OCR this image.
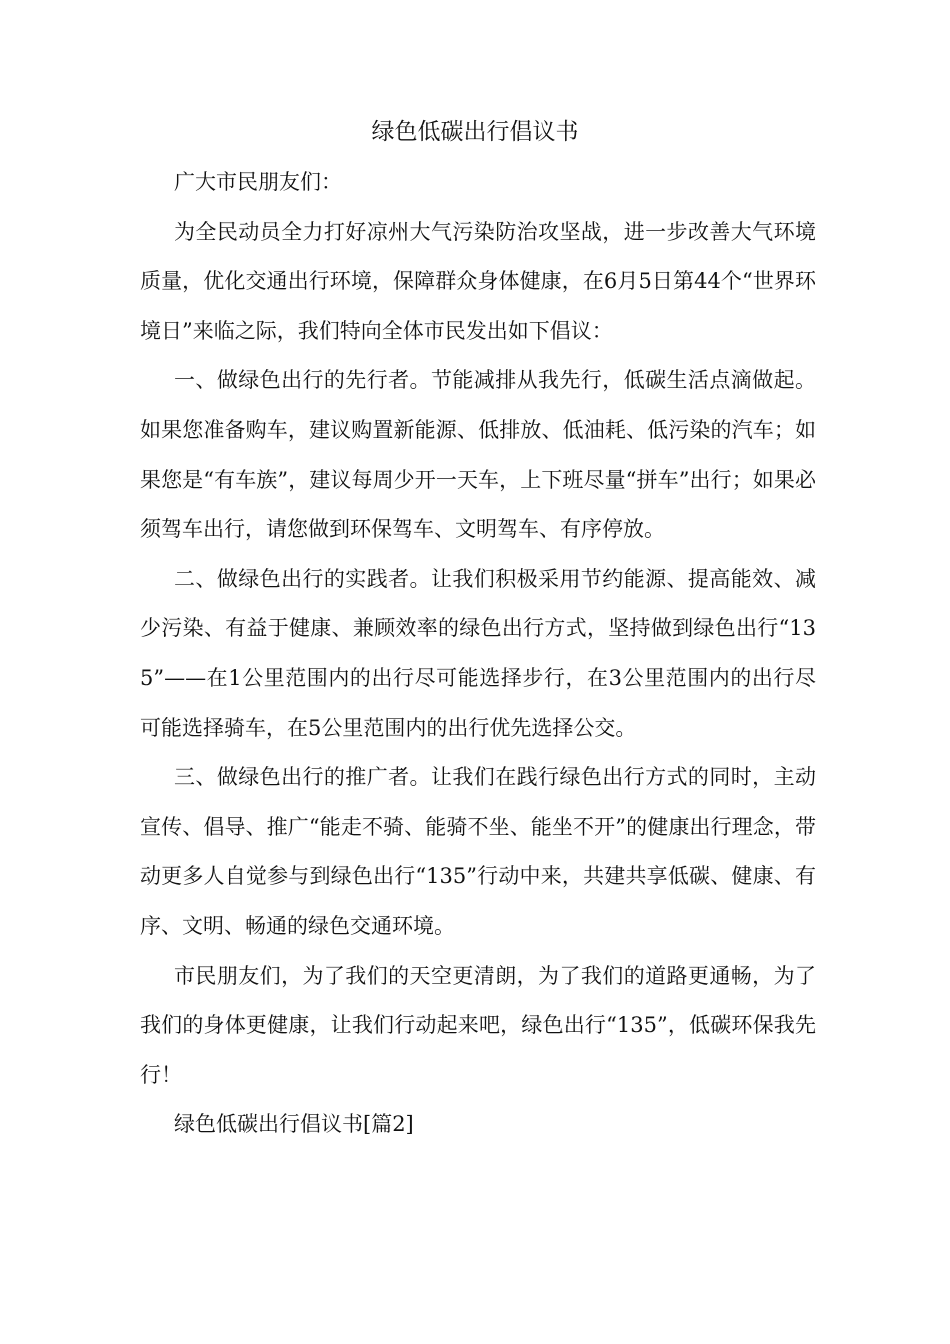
绿色低碳出行倡议书

广大市民朋友们：

为全民动员全力打好凉州大气污染防治攻坚战，进一步改善大气环境质量，优化交通出行环境，保障群众身体健康，在6月5日第44个“世界环境日”来临之际，我们特向全体市民发出如下倡议：

一、做绿色出行的先行者。节能减排从我先行，低碳生活点滴做起。如果您准备购车，建议购置新能源、低排放、低油耗、低污染的汽车；如果您是“有车族”，建议每周少开一天车，上下班尽量“拼车”出行；如果必须驾车出行，请您做到环保驾车、文明驾车、有序停放。

二、做绿色出行的实践者。让我们积极采用节约能源、提高能效、减少污染、有益于健康、兼顾效率的绿色出行方式，坚持做到绿色出行“135”——在1公里范围内的出行尽可能选择步行，在3公里范围内的出行尽可能选择骑车，在5公里范围内的出行优先选择公交。

三、做绿色出行的推广者。让我们在践行绿色出行方式的同时，主动宣传、倡导、推广“能走不骑、能骑不坐、能坐不开”的健康出行理念，带动更多人自觉参与到绿色出行“135”行动中来，共建共享低碳、健康、有序、文明、畅通的绿色交通环境。

市民朋友们，为了我们的天空更清朗，为了我们的道路更通畅，为了我们的身体更健康，让我们行动起来吧，绿色出行“135”，低碳环保我先行！

绿色低碳出行倡议书[篇2]
